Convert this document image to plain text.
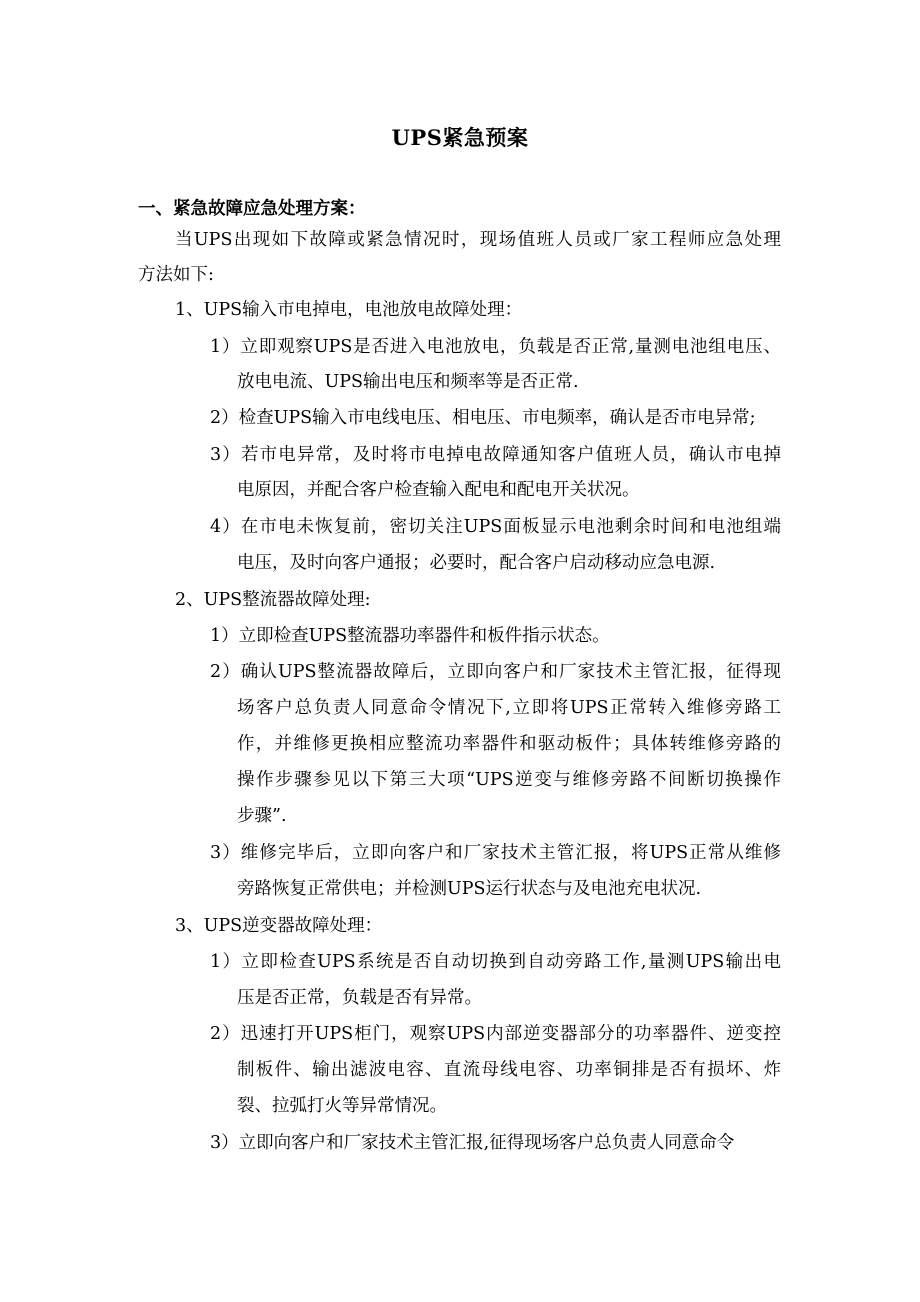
UPS紧急预案
一、紧急故障应急处理方案：
当UPS出现如下故障或紧急情况时，现场值班人员或厂家工程师应急处理
方法如下:
1、UPS输入市电掉电，电池放电故障处理：
1）立即观察UPS是否进入电池放电，负载是否正常,量测电池组电压、
放电电流、UPS输出电压和频率等是否正常.
2）检查UPS输入市电线电压、相电压、市电频率，确认是否市电异常;
3）若市电异常，及时将市电掉电故障通知客户值班人员，确认市电掉
电原因，并配合客户检查输入配电和配电开关状况。
4）在市电未恢复前，密切关注UPS面板显示电池剩余时间和电池组端
电压，及时向客户通报；必要时，配合客户启动移动应急电源.
2、UPS整流器故障处理:
1）立即检查UPS整流器功率器件和板件指示状态。
2）确认UPS整流器故障后，立即向客户和厂家技术主管汇报，征得现
场客户总负责人同意命令情况下,立即将UPS正常转入维修旁路工
作，并维修更换相应整流功率器件和驱动板件；具体转维修旁路的
操作步骤参见以下第三大项“UPS逆变与维修旁路不间断切换操作
步骤”.
3）维修完毕后，立即向客户和厂家技术主管汇报，将UPS正常从维修
旁路恢复正常供电；并检测UPS运行状态与及电池充电状况.
3、UPS逆变器故障处理：
1）立即检查UPS系统是否自动切换到自动旁路工作,量测UPS输出电
压是否正常，负载是否有异常。
2）迅速打开UPS柜门，观察UPS内部逆变器部分的功率器件、逆变控
制板件、输出滤波电容、直流母线电容、功率铜排是否有损坏、炸
裂、拉弧打火等异常情况。
3）立即向客户和厂家技术主管汇报,征得现场客户总负责人同意命令
